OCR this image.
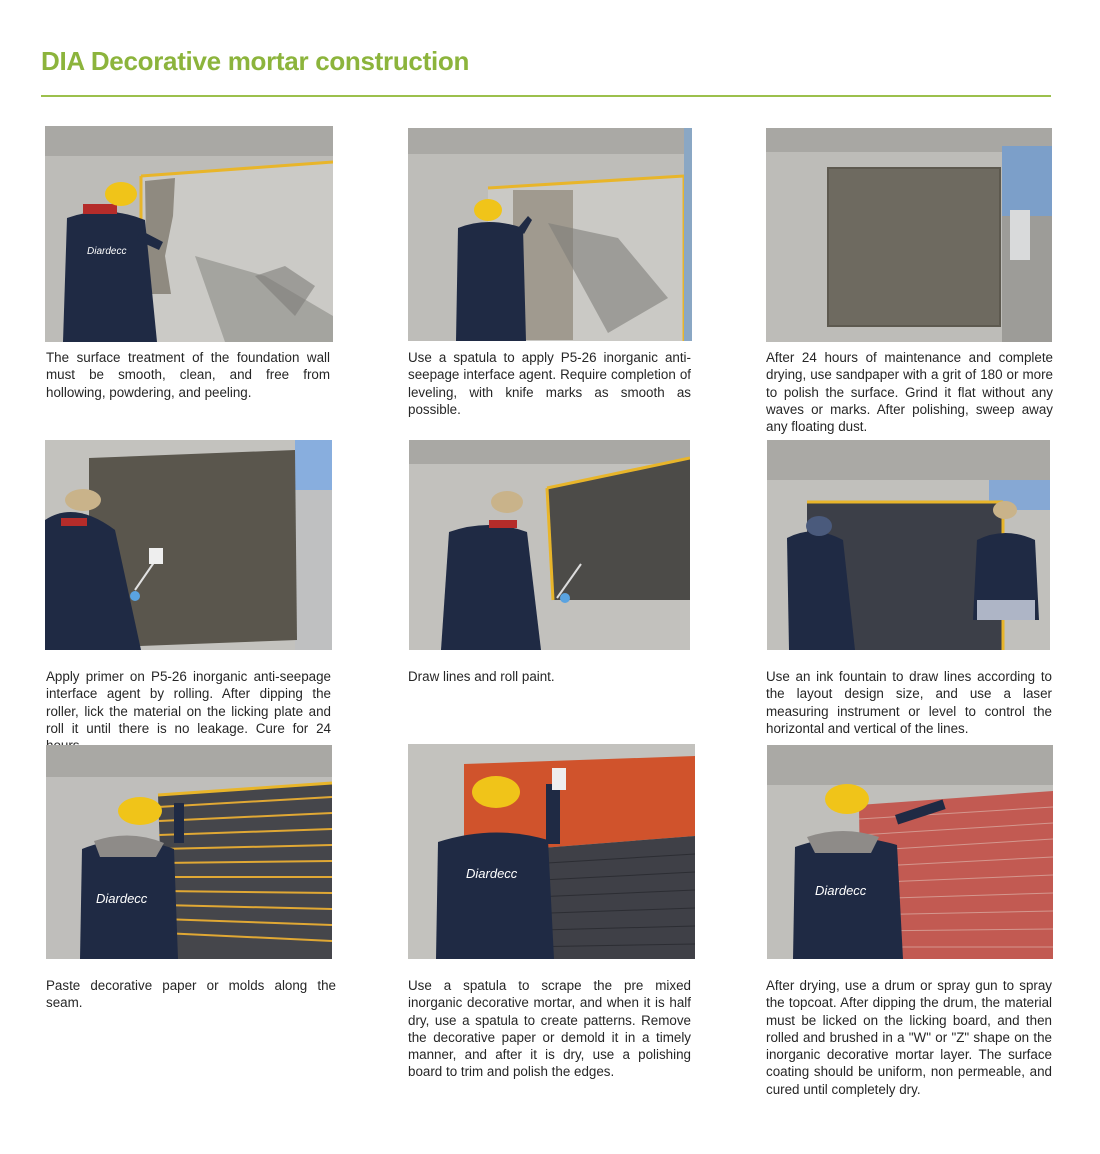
DIA Decorative mortar construction
Diardecc

The surface treatment of the foundation wall must be smooth, clean, and free from hollowing, powdering, and peeling.

Use a spatula to apply P5-26 inorganic anti-seepage interface agent. Require completion of leveling, with knife marks as smooth as possible.

After 24 hours of maintenance and complete drying, use sandpaper with a grit of 180 or more to polish the surface. Grind it flat without any waves or marks. After polishing, sweep away any floating dust.

Apply primer on P5-26 inorganic anti-seepage interface agent by rolling. After dipping the roller, lick the material on the licking plate and roll it until there is no leakage. Cure for 24

Draw lines and roll paint.	Use an ink fountain to draw lines according to the layout design size, and use a laser measuring instrument or level to control the horizontal and vertical of the lines.

Diardecc
Diardecc
Diardecc

Paste decorative paper or molds along the seam.

Use a spatula to scrape the pre mixed inorganic decorative mortar, and when it is half dry, use a spatula to create patterns. Remove the decorative paper or demold it in a timely manner, and after it is dry, use a polishing board to trim and polish the edges.

After drying, use a drum or spray gun to spray the topcoat. After dipping the drum, the material must be licked on the licking board, and then rolled and brushed in a "W" or "Z" shape on the inorganic decorative mortar layer. The surface coating should be uniform, non permeable, and cured until completely dry.
